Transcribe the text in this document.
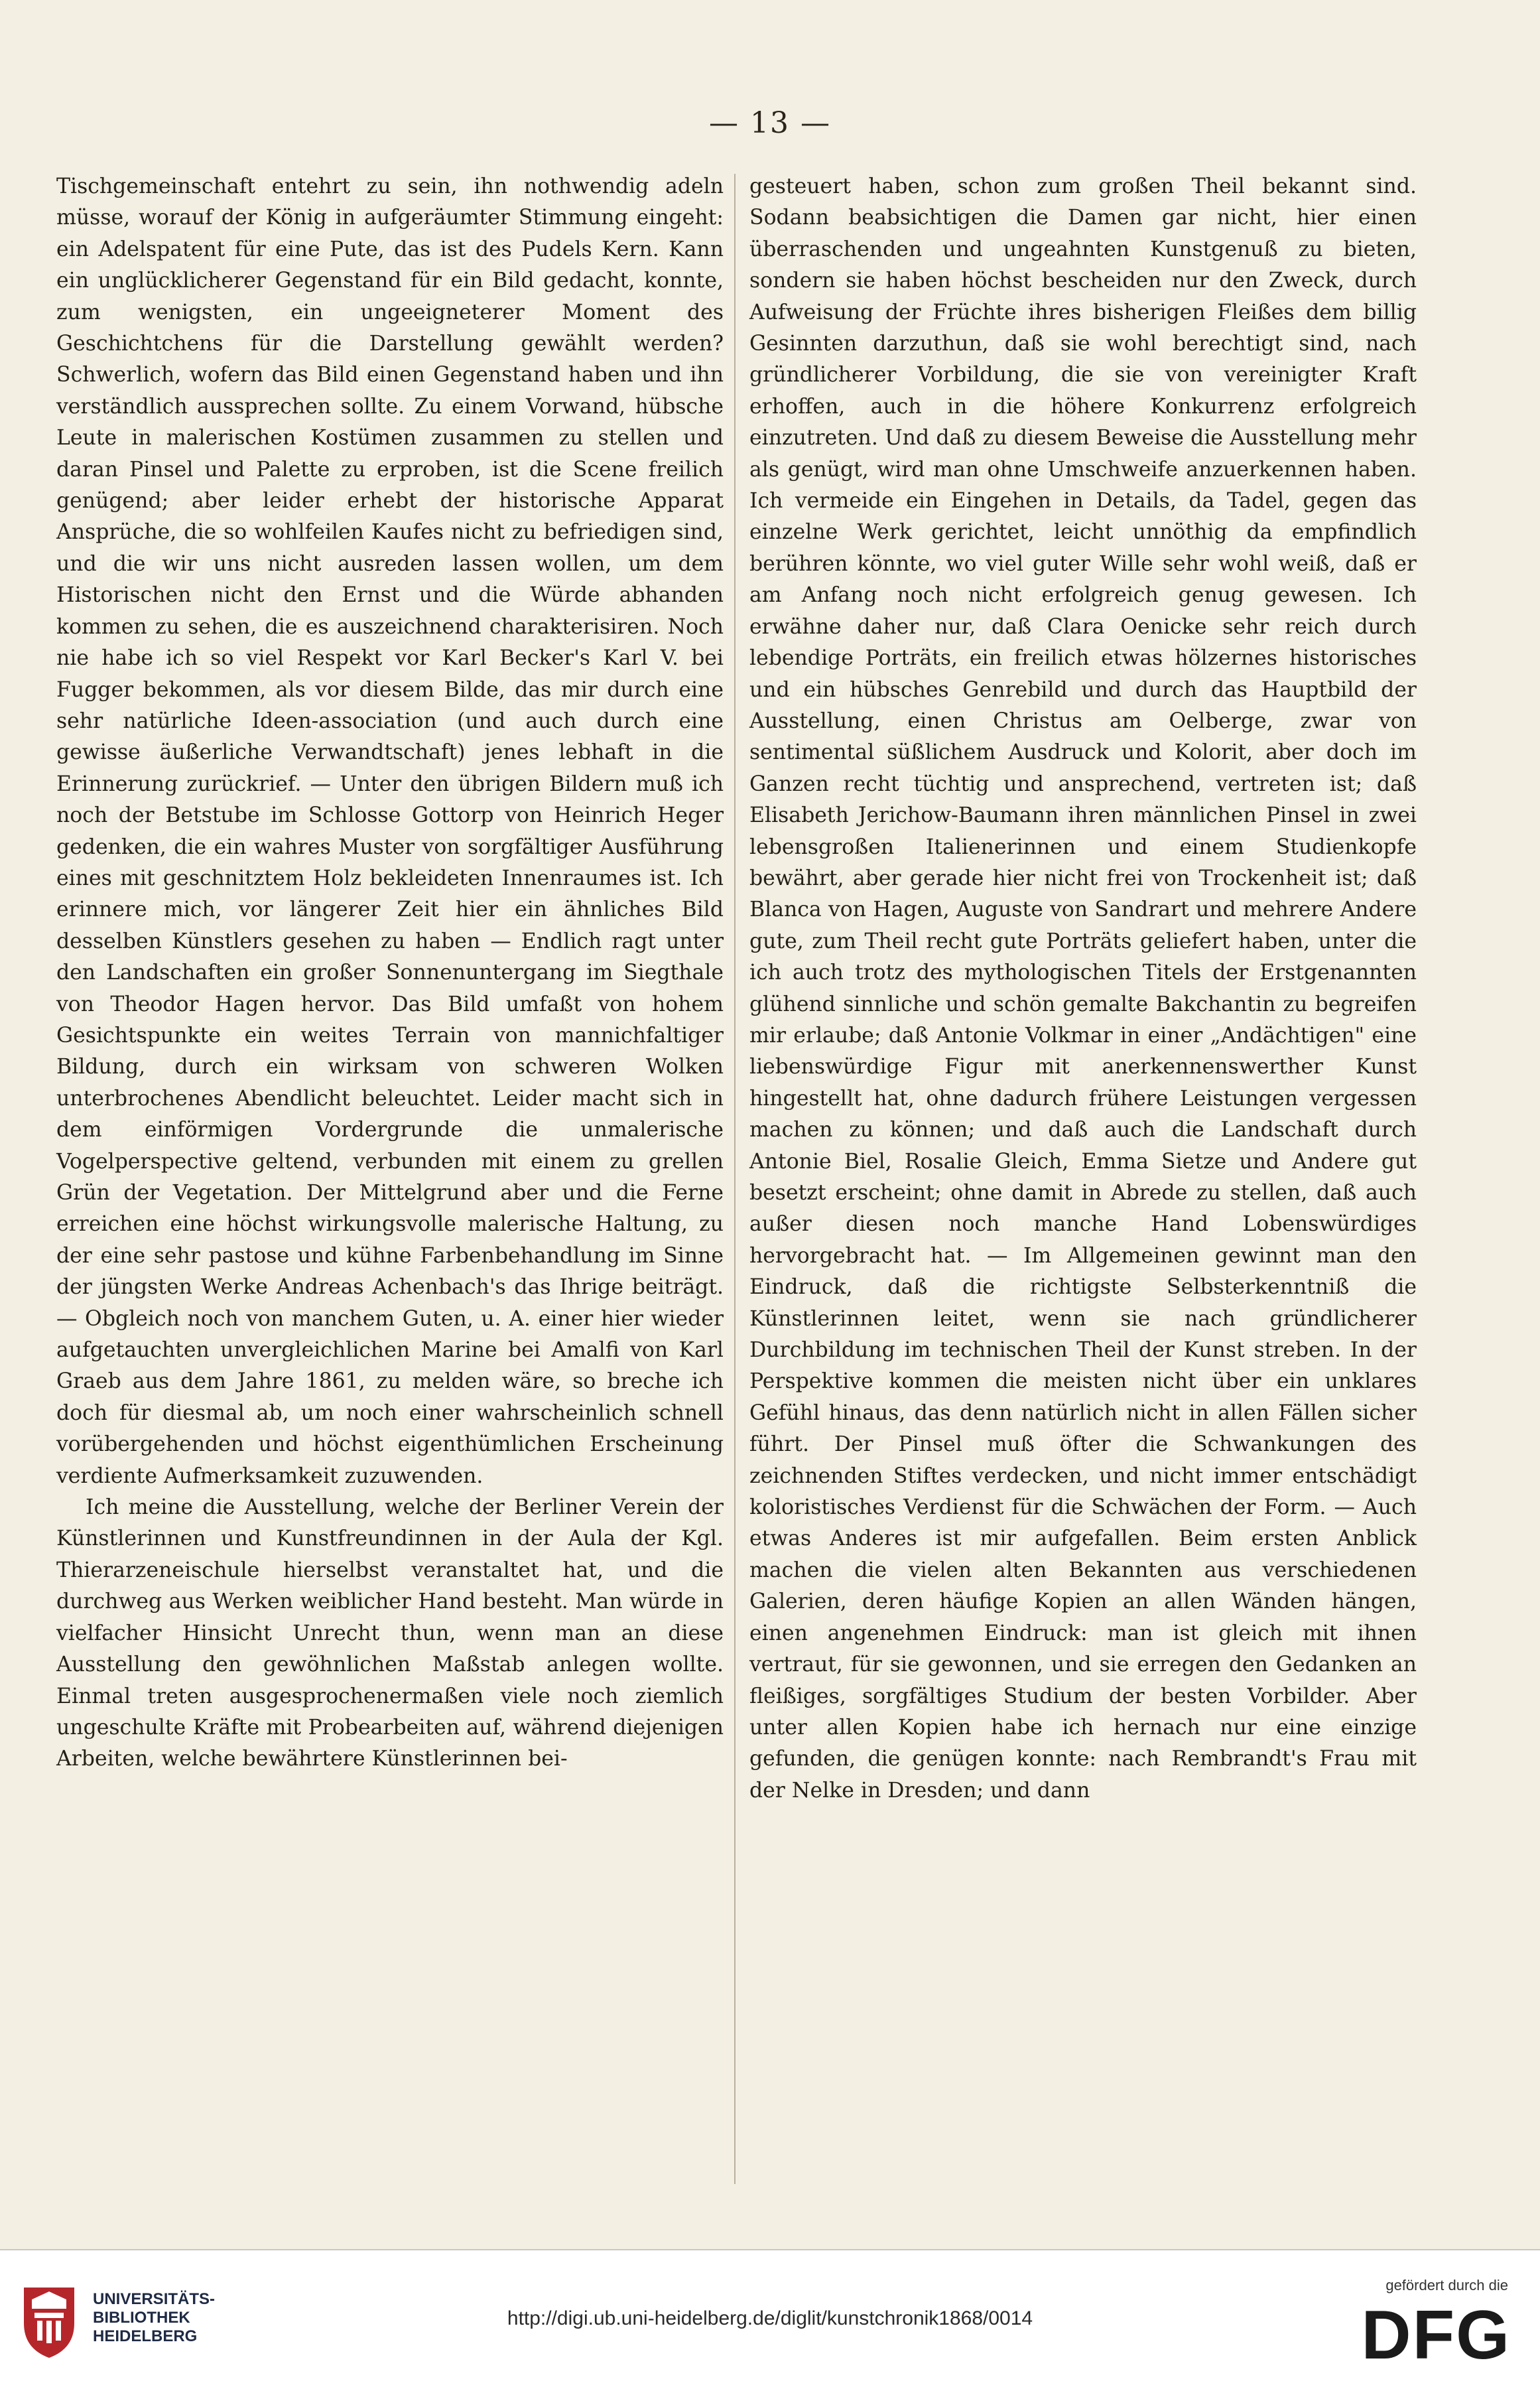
— 13 —

Tischgemeinschaft entehrt zu sein, ihn nothwendig adeln müsse, worauf der König in aufgeräumter Stimmung eingeht: ein Adelspatent für eine Pute, das ist des Pudels Kern. Kann ein unglücklicherer Gegenstand für ein Bild gedacht, konnte, zum wenigsten, ein ungeeigneterer Moment des Geschichtchens für die Darstellung gewählt werden? Schwerlich, wofern das Bild einen Gegenstand haben und ihn verständlich aussprechen sollte. Zu einem Vorwand, hübsche Leute in malerischen Kostümen zusammen zu stellen und daran Pinsel und Palette zu erproben, ist die Scene freilich genügend; aber leider erhebt der historische Apparat Ansprüche, die so wohlfeilen Kaufes nicht zu befriedigen sind, und die wir uns nicht ausreden lassen wollen, um dem Historischen nicht den Ernst und die Würde abhanden kommen zu sehen, die es auszeichnend charakterisiren. Noch nie habe ich so viel Respekt vor Karl Becker's Karl V. bei Fugger bekommen, als vor diesem Bilde, das mir durch eine sehr natürliche Ideen-association (und auch durch eine gewisse äußerliche Verwandtschaft) jenes lebhaft in die Erinnerung zurückrief. — Unter den übrigen Bildern muß ich noch der Betstube im Schlosse Gottorp von Heinrich Heger gedenken, die ein wahres Muster von sorgfältiger Ausführung eines mit geschnitztem Holz bekleideten Innenraumes ist. Ich erinnere mich, vor längerer Zeit hier ein ähnliches Bild desselben Künstlers gesehen zu haben — Endlich ragt unter den Landschaften ein großer Sonnenuntergang im Siegthale von Theodor Hagen hervor. Das Bild umfaßt von hohem Gesichtspunkte ein weites Terrain von mannichfaltiger Bildung, durch ein wirksam von schweren Wolken unterbrochenes Abendlicht beleuchtet. Leider macht sich in dem einförmigen Vordergrunde die unmalerische Vogelperspective geltend, verbunden mit einem zu grellen Grün der Vegetation. Der Mittelgrund aber und die Ferne erreichen eine höchst wirkungsvolle malerische Haltung, zu der eine sehr pastose und kühne Farbenbehandlung im Sinne der jüngsten Werke Andreas Achenbach's das Ihrige beiträgt. — Obgleich noch von manchem Guten, u. A. einer hier wieder aufgetauchten unvergleichlichen Marine bei Amalfi von Karl Graeb aus dem Jahre 1861, zu melden wäre, so breche ich doch für diesmal ab, um noch einer wahrscheinlich schnell vorübergehenden und höchst eigenthümlichen Erscheinung verdiente Aufmerksamkeit zuzuwenden.

Ich meine die Ausstellung, welche der Berliner Verein der Künstlerinnen und Kunstfreundinnen in der Aula der Kgl. Thierarzeneischule hierselbst veranstaltet hat, und die durchweg aus Werken weiblicher Hand besteht. Man würde in vielfacher Hinsicht Unrecht thun, wenn man an diese Ausstellung den gewöhnlichen Maßstab anlegen wollte. Einmal treten ausgesprochenermaßen viele noch ziemlich ungeschulte Kräfte mit Probearbeiten auf, während diejenigen Arbeiten, welche bewährtere Künstlerinnen bei-

gesteuert haben, schon zum großen Theil bekannt sind. Sodann beabsichtigen die Damen gar nicht, hier einen überraschenden und ungeahnten Kunstgenuß zu bieten, sondern sie haben höchst bescheiden nur den Zweck, durch Aufweisung der Früchte ihres bisherigen Fleißes dem billig Gesinnten darzuthun, daß sie wohl berechtigt sind, nach gründlicherer Vorbildung, die sie von vereinigter Kraft erhoffen, auch in die höhere Konkurrenz erfolgreich einzutreten. Und daß zu diesem Beweise die Ausstellung mehr als genügt, wird man ohne Umschweife anzuerkennen haben. Ich vermeide ein Eingehen in Details, da Tadel, gegen das einzelne Werk gerichtet, leicht unnöthig da empfindlich berühren könnte, wo viel guter Wille sehr wohl weiß, daß er am Anfang noch nicht erfolgreich genug gewesen. Ich erwähne daher nur, daß Clara Oenicke sehr reich durch lebendige Porträts, ein freilich etwas hölzernes historisches und ein hübsches Genrebild und durch das Hauptbild der Ausstellung, einen Christus am Oelberge, zwar von sentimental süßlichem Ausdruck und Kolorit, aber doch im Ganzen recht tüchtig und ansprechend, vertreten ist; daß Elisabeth Jerichow-Baumann ihren männlichen Pinsel in zwei lebensgroßen Italienerinnen und einem Studienkopfe bewährt, aber gerade hier nicht frei von Trockenheit ist; daß Blanca von Hagen, Auguste von Sandrart und mehrere Andere gute, zum Theil recht gute Porträts geliefert haben, unter die ich auch trotz des mythologischen Titels der Erstgenannten glühend sinnliche und schön gemalte Bakchantin zu begreifen mir erlaube; daß Antonie Volkmar in einer „Andächtigen" eine liebenswürdige Figur mit anerkennenswerther Kunst hingestellt hat, ohne dadurch frühere Leistungen vergessen machen zu können; und daß auch die Landschaft durch Antonie Biel, Rosalie Gleich, Emma Sietze und Andere gut besetzt erscheint; ohne damit in Abrede zu stellen, daß auch außer diesen noch manche Hand Lobenswürdiges hervorgebracht hat. — Im Allgemeinen gewinnt man den Eindruck, daß die richtigste Selbsterkenntniß die Künstlerinnen leitet, wenn sie nach gründlicherer Durchbildung im technischen Theil der Kunst streben. In der Perspektive kommen die meisten nicht über ein unklares Gefühl hinaus, das denn natürlich nicht in allen Fällen sicher führt. Der Pinsel muß öfter die Schwankungen des zeichnenden Stiftes verdecken, und nicht immer entschädigt koloristisches Verdienst für die Schwächen der Form. — Auch etwas Anderes ist mir aufgefallen. Beim ersten Anblick machen die vielen alten Bekannten aus verschiedenen Galerien, deren häufige Kopien an allen Wänden hängen, einen angenehmen Eindruck: man ist gleich mit ihnen vertraut, für sie gewonnen, und sie erregen den Gedanken an fleißiges, sorgfältiges Studium der besten Vorbilder. Aber unter allen Kopien habe ich hernach nur eine einzige gefunden, die genügen konnte: nach Rembrandt's Frau mit der Nelke in Dresden; und dann

UNIVERSITÄTS-BIBLIOTHEK HEIDELBERG
http://digi.ub.uni-heidelberg.de/diglit/kunstchronik1868/0014
gefördert durch die
DFG
